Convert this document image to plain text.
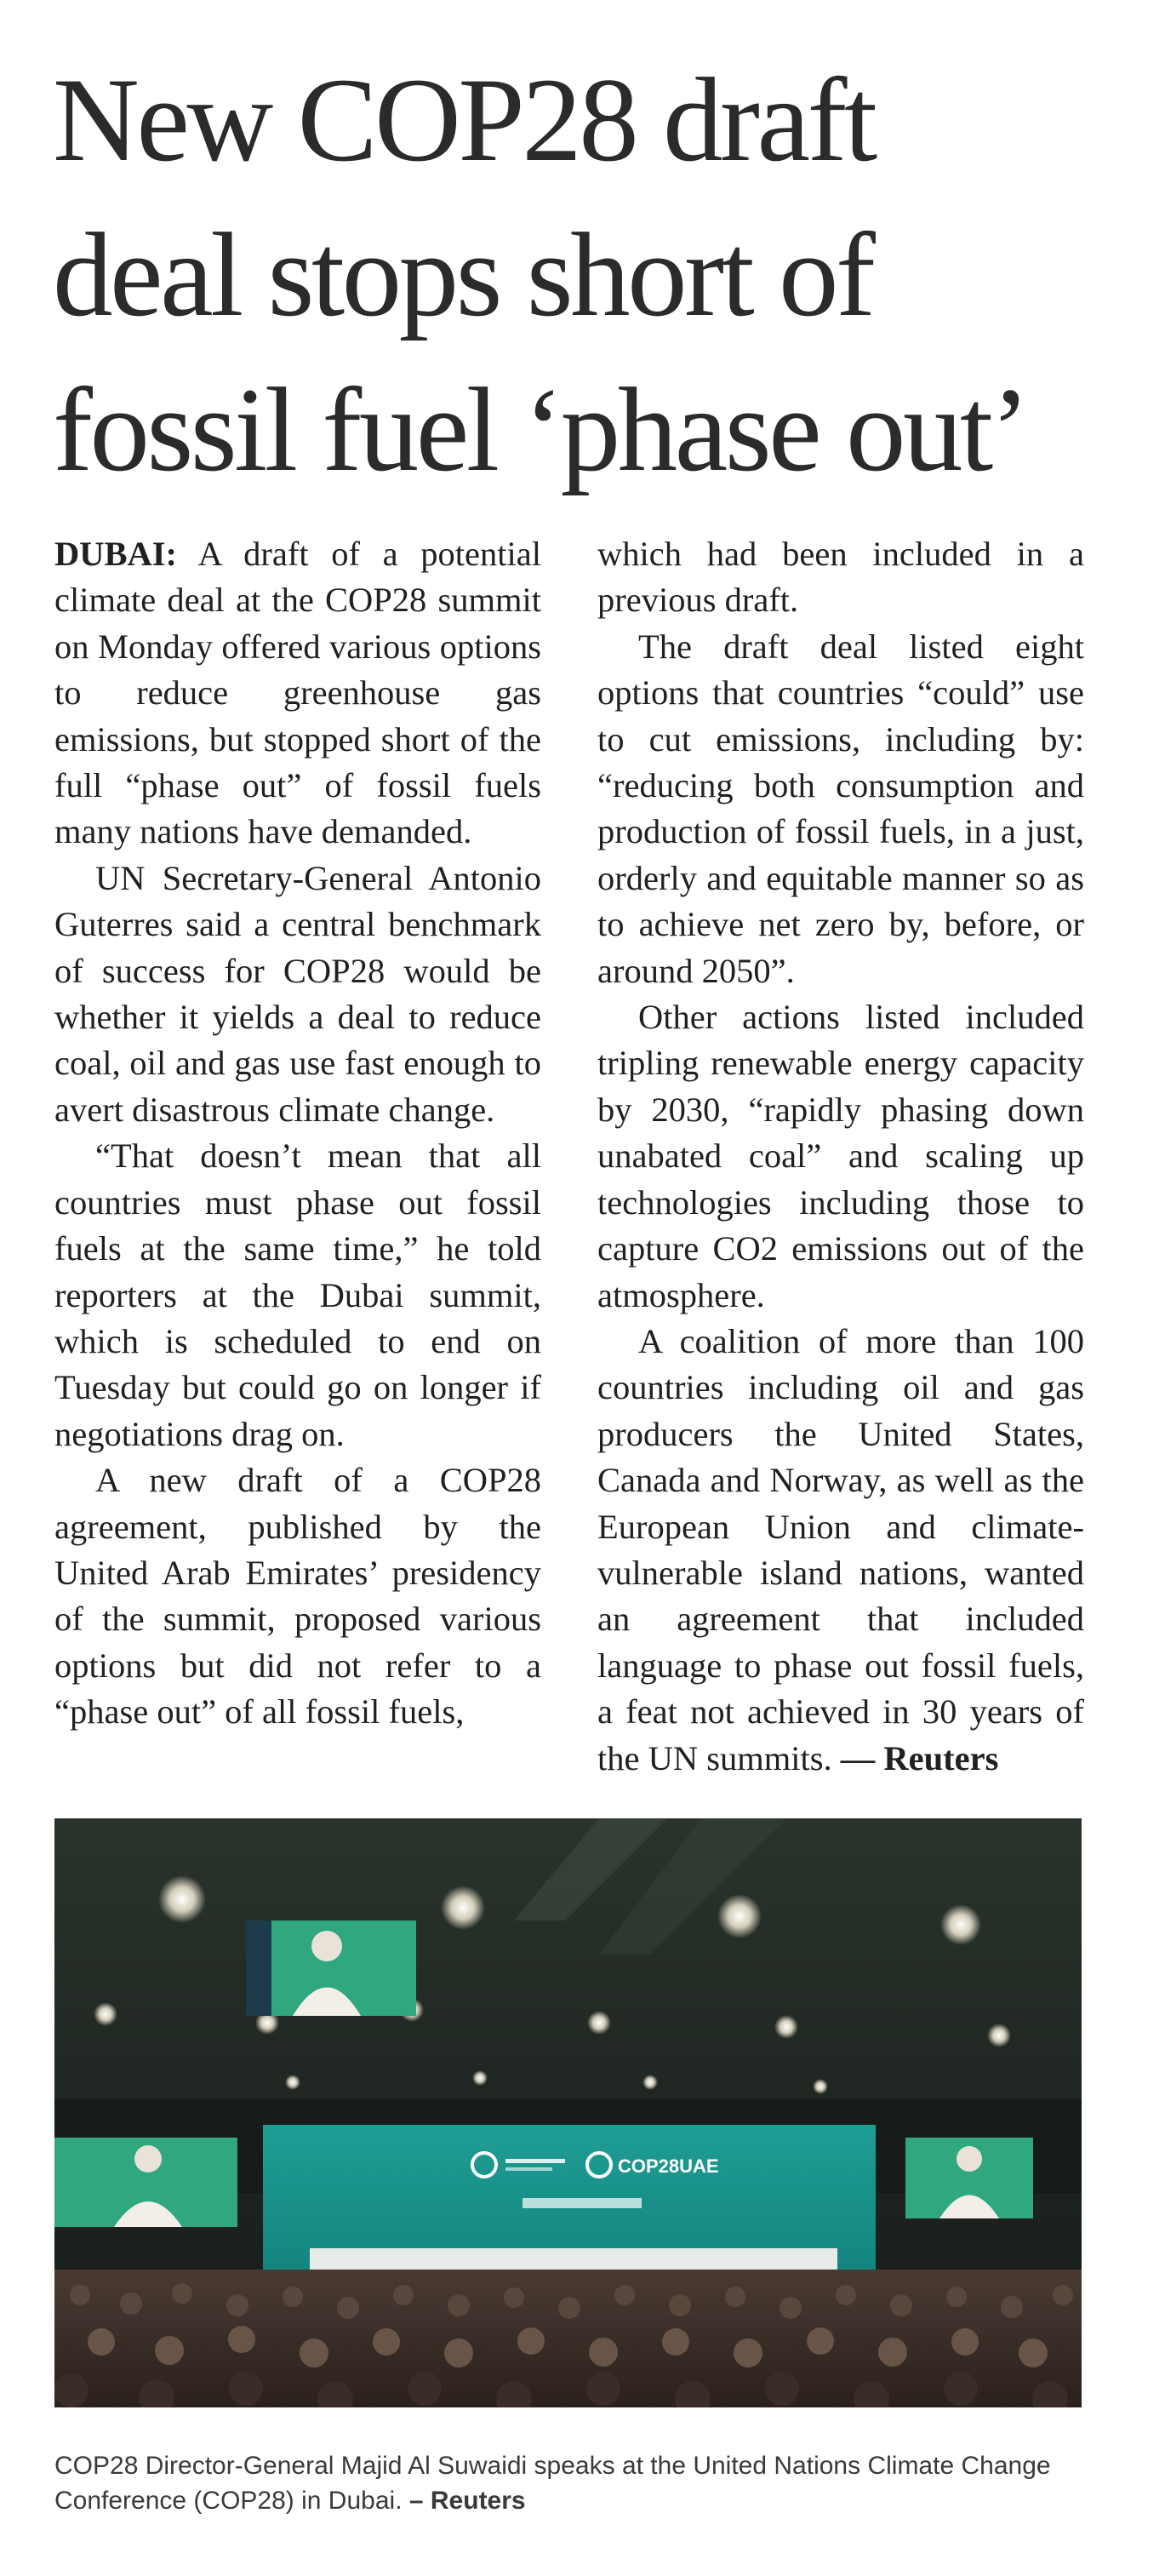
New COP28 draft
deal stops short of
fossil fuel ‘phase out’

DUBAI: A draft of a potential climate deal at the COP28 summit on Monday offered various options to reduce greenhouse gas emissions, but stopped short of the full “phase out” of fossil fuels many nations have demanded.

UN Secretary-General Antonio Guterres said a central benchmark of success for COP28 would be whether it yields a deal to reduce coal, oil and gas use fast enough to avert disastrous climate change.

“That doesn’t mean that all countries must phase out fossil fuels at the same time,” he told reporters at the Dubai summit, which is scheduled to end on Tuesday but could go on longer if negotiations drag on.

A new draft of a COP28 agreement, published by the United Arab Emirates’ presidency of the summit, proposed various options but did not refer to a “phase out” of all fossil fuels,

which had been included in a previous draft.

The draft deal listed eight options that countries “could” use to cut emissions, including by: “reducing both consumption and production of fossil fuels, in a just, orderly and equitable manner so as to achieve net zero by, before, or around 2050”.

Other actions listed included tripling renewable energy capacity by 2030, “rapidly phasing down unabated coal” and scaling up technologies including those to capture CO2 emissions out of the atmosphere.

A coalition of more than 100 countries including oil and gas producers the United States, Canada and Norway, as well as the European Union and climate-vulnerable island nations, wanted an agreement that included language to phase out fossil fuels, a feat not achieved in 30 years of the UN summits. — Reuters

COP28UAE

COP28 Director-General Majid Al Suwaidi speaks at the United Nations Climate Change Conference (COP28) in Dubai. – Reuters
